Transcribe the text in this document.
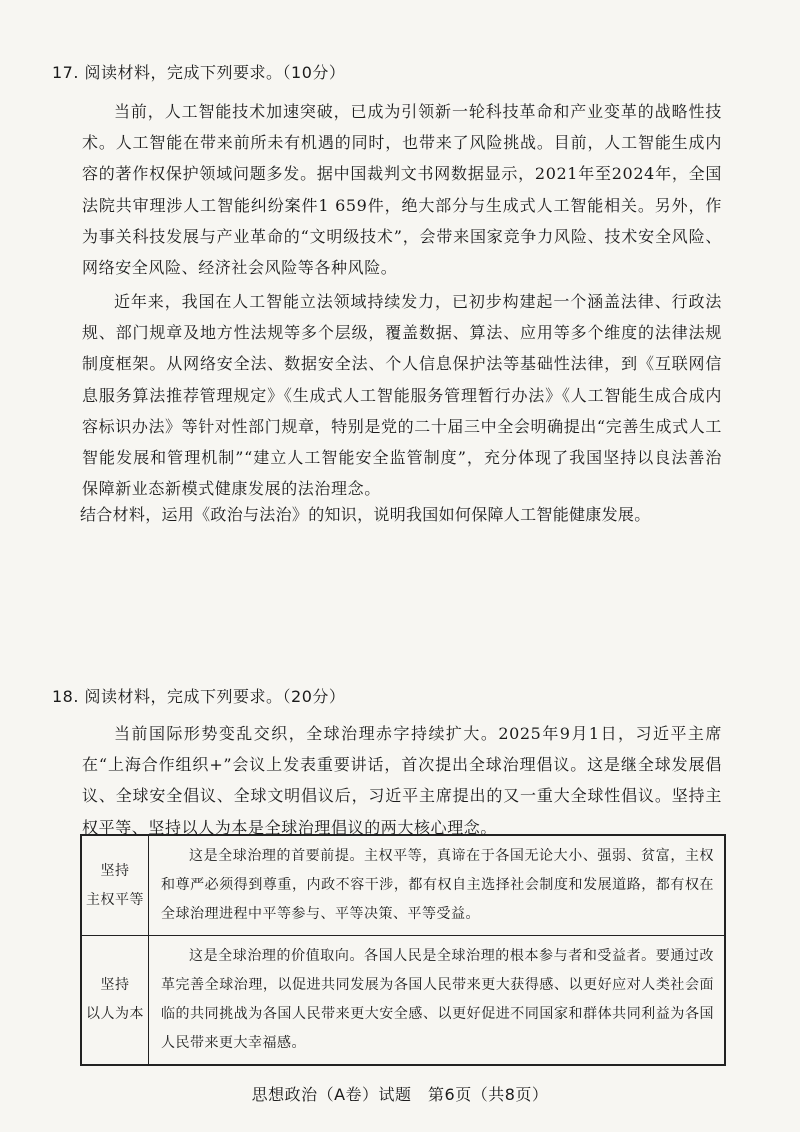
17. 阅读材料，完成下列要求。（10分）

当前，人工智能技术加速突破，已成为引领新一轮科技革命和产业变革的战略性技术。人工智能在带来前所未有机遇的同时，也带来了风险挑战。目前，人工智能生成内容的著作权保护领域问题多发。据中国裁判文书网数据显示，2021年至2024年，全国法院共审理涉人工智能纠纷案件1 659件，绝大部分与生成式人工智能相关。另外，作为事关科技发展与产业革命的“文明级技术”，会带来国家竞争力风险、技术安全风险、网络安全风险、经济社会风险等各种风险。

近年来，我国在人工智能立法领域持续发力，已初步构建起一个涵盖法律、行政法规、部门规章及地方性法规等多个层级，覆盖数据、算法、应用等多个维度的法律法规制度框架。从网络安全法、数据安全法、个人信息保护法等基础性法律，到《互联网信息服务算法推荐管理规定》《生成式人工智能服务管理暂行办法》《人工智能生成合成内容标识办法》等针对性部门规章，特别是党的二十届三中全会明确提出“完善生成式人工智能发展和管理机制”“建立人工智能安全监管制度”，充分体现了我国坚持以良法善治保障新业态新模式健康发展的法治理念。

结合材料，运用《政治与法治》的知识，说明我国如何保障人工智能健康发展。
18. 阅读材料，完成下列要求。（20分）

当前国际形势变乱交织，全球治理赤字持续扩大。2025年9月1日，习近平主席在“上海合作组织+”会议上发表重要讲话，首次提出全球治理倡议。这是继全球发展倡议、全球安全倡议、全球文明倡议后，习近平主席提出的又一重大全球性倡议。坚持主权平等、坚持以人为本是全球治理倡议的两大核心理念。

坚持
主权平等	这是全球治理的首要前提。主权平等，真谛在于各国无论大小、强弱、贫富，主权和尊严必须得到尊重，内政不容干涉，都有权自主选择社会制度和发展道路，都有权在全球治理进程中平等参与、平等决策、平等受益。

坚持
以人为本	这是全球治理的价值取向。各国人民是全球治理的根本参与者和受益者。要通过改革完善全球治理，以促进共同发展为各国人民带来更大获得感、以更好应对人类社会面临的共同挑战为各国人民带来更大安全感、以更好促进不同国家和群体共同利益为各国人民带来更大幸福感。
思想政治（A卷）试题　第6页（共8页）
